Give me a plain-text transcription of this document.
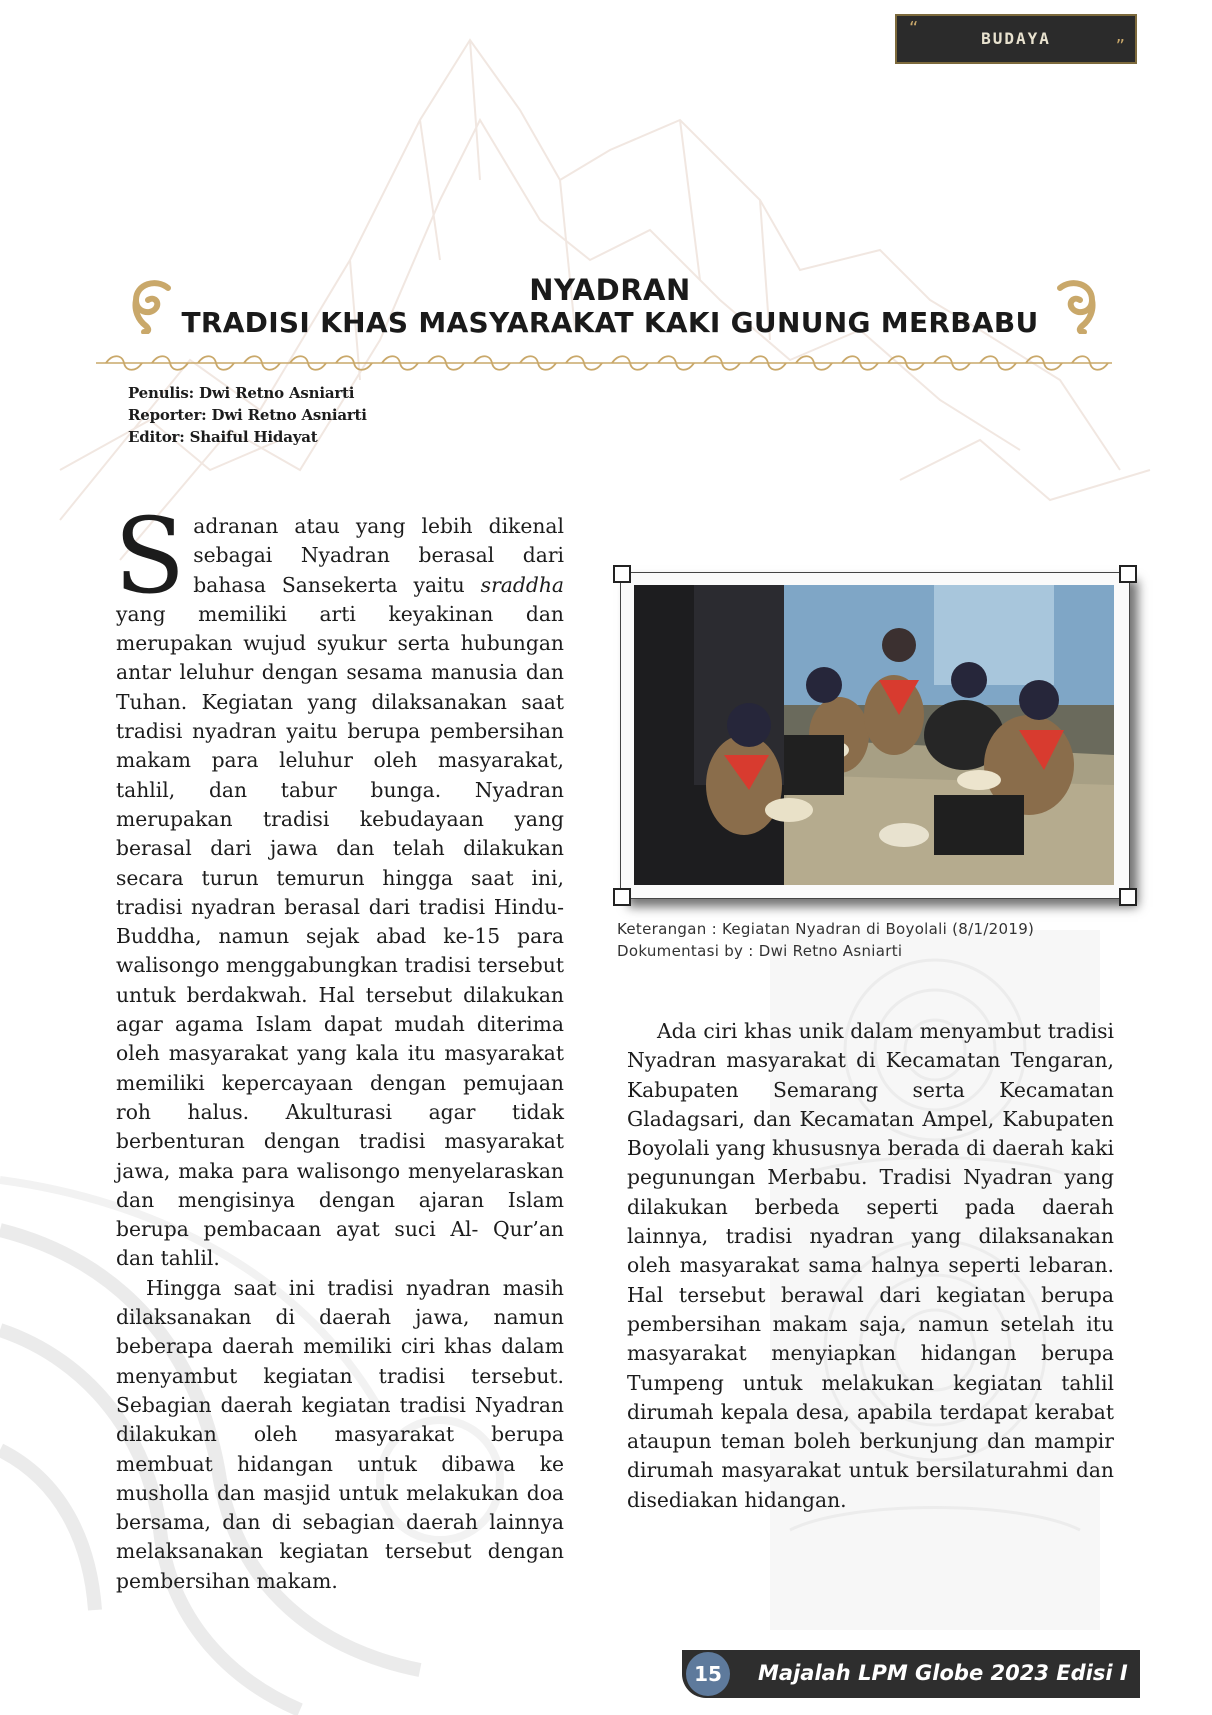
“	BUDAYA	”
NYADRAN
TRADISI KHAS MASYARAKAT KAKI GUNUNG MERBABU
Penulis: Dwi Retno Asniarti
Reporter: Dwi Retno Asniarti
Editor: Shaiful Hidayat

Sadranan atau yang lebih dikenal sebagai Nyadran berasal dari bahasa Sansekerta yaitu sraddha yang memiliki arti keyakinan dan merupakan wujud syukur serta hubungan antar leluhur dengan sesama manusia dan Tuhan. Kegiatan yang dilaksanakan saat tradisi nyadran yaitu berupa pembersihan makam para leluhur oleh masyarakat, tahlil, dan tabur bunga. Nyadran merupakan tradisi kebudayaan yang berasal dari jawa dan telah dilakukan secara turun temurun hingga saat ini, tradisi nyadran berasal dari tradisi Hindu-Buddha, namun sejak abad ke-15 para walisongo menggabungkan tradisi tersebut untuk berdakwah. Hal tersebut dilakukan agar agama Islam dapat mudah diterima oleh masyarakat yang kala itu masyarakat memiliki kepercayaan dengan pemujaan roh halus. Akulturasi agar tidak berbenturan dengan tradisi masyarakat jawa, maka para walisongo menyelaraskan dan mengisinya dengan ajaran Islam berupa pembacaan ayat suci Al- Qur’an dan tahlil.

Hingga saat ini tradisi nyadran masih dilaksanakan di daerah jawa, namun beberapa daerah memiliki ciri khas dalam menyambut kegiatan tradisi tersebut. Sebagian daerah kegiatan tradisi Nyadran dilakukan oleh masyarakat berupa membuat hidangan untuk dibawa ke musholla dan masjid untuk melakukan doa bersama, dan di sebagian daerah lainnya melaksanakan kegiatan tersebut dengan pembersihan makam.

Keterangan : Kegiatan Nyadran di Boyolali (8/1/2019)
Dokumentasi by : Dwi Retno Asniarti

Ada ciri khas unik dalam menyambut tradisi Nyadran masyarakat di Kecamatan Tengaran, Kabupaten Semarang serta Kecamatan Gladagsari, dan Kecamatan Ampel, Kabupaten Boyolali yang khususnya berada di daerah kaki pegunungan Merbabu. Tradisi Nyadran yang dilakukan berbeda seperti pada daerah lainnya, tradisi nyadran yang dilaksanakan oleh masyarakat sama halnya seperti lebaran. Hal tersebut berawal dari kegiatan berupa pembersihan makam saja, namun setelah itu masyarakat menyiapkan hidangan berupa Tumpeng untuk melakukan kegiatan tahlil dirumah kepala desa, apabila terdapat kerabat ataupun teman boleh berkunjung dan mampir dirumah masyarakat untuk bersilaturahmi dan disediakan hidangan.

15	Majalah LPM Globe 2023 Edisi I
